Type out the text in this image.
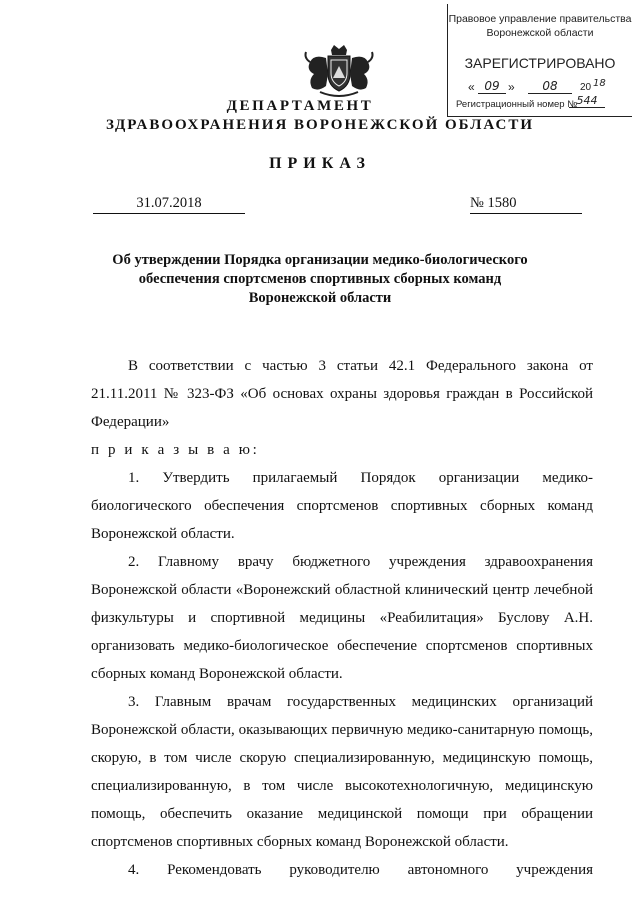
Правовое управление правительства
Воронежской области
ЗАРЕГИСТРИРОВАНО
« 09 »	08	20 18
Регистрационный номер № 544
ДЕПАРТАМЕНТ
ЗДРАВООХРАНЕНИЯ ВОРОНЕЖСКОЙ ОБЛАСТИ
ПРИКАЗ
31.07.2018	№ 1580
Об утверждении Порядка организации медико-биологического
обеспечения спортсменов спортивных сборных команд
Воронежской области

В соответствии с частью 3 статьи 42.1 Федерального закона от 21.11.2011 № 323-ФЗ «Об основах охраны здоровья граждан в Российской Федерации»

п р и к а з ы в а ю:

1. Утвердить прилагаемый Порядок организации медико-биологического обеспечения спортсменов спортивных сборных команд Воронежской области.

2. Главному врачу бюджетного учреждения здравоохранения Воронежской области «Воронежский областной клинический центр лечебной физкультуры и спортивной медицины «Реабилитация» Буслову А.Н. организовать медико-биологическое обеспечение спортсменов спортивных сборных команд Воронежской области.

3. Главным врачам государственных медицинских организаций Воронежской области, оказывающих первичную медико-санитарную помощь, скорую, в том числе скорую специализированную, медицинскую помощь, специализированную, в том числе высокотехнологичную, медицинскую помощь, обеспечить оказание медицинской помощи при обращении спортсменов спортивных сборных команд Воронежской области.

4. Рекомендовать руководителю автономного учреждения
